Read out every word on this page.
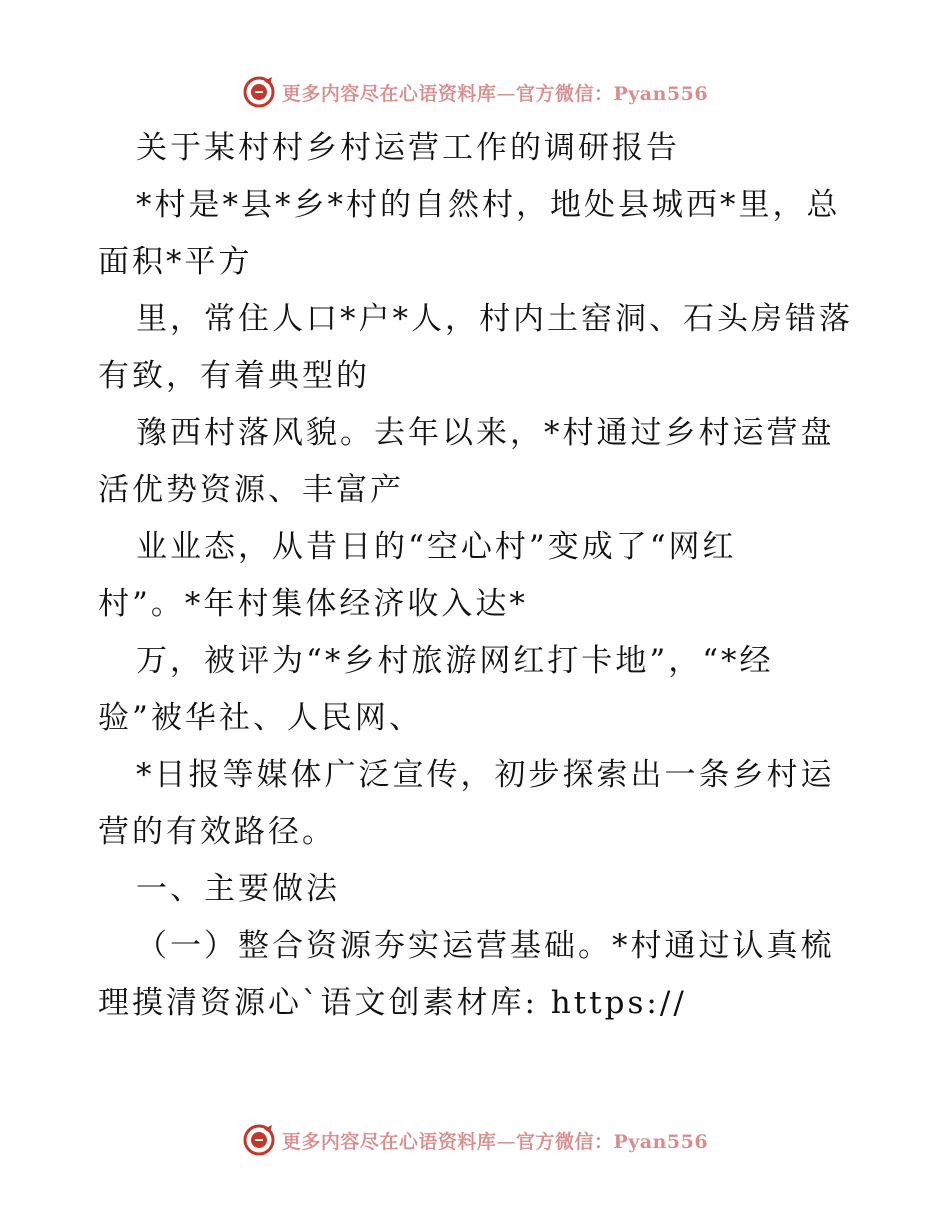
更多内容尽在心语资料库—官方微信：Pyan556
关于某村村乡村运营工作的调研报告
*村是*县*乡*村的自然村，地处县城西*里，总
面积*平方
里，常住人口*户*人，村内土窑洞、石头房错落
有致，有着典型的
豫西村落风貌。去年以来，*村通过乡村运营盘
活优势资源、丰富产
业业态，从昔日的“空心村”变成了“网红
村”。*年村集体经济收入达*
万，被评为“*乡村旅游网红打卡地”，“*经
验”被华社、人民网、
*日报等媒体广泛宣传，初步探索出一条乡村运
营的有效路径。
一、主要做法
（一）整合资源夯实运营基础。*村通过认真梳
理摸清资源心`语文创素材库: https://
更多内容尽在心语资料库—官方微信：Pyan556
